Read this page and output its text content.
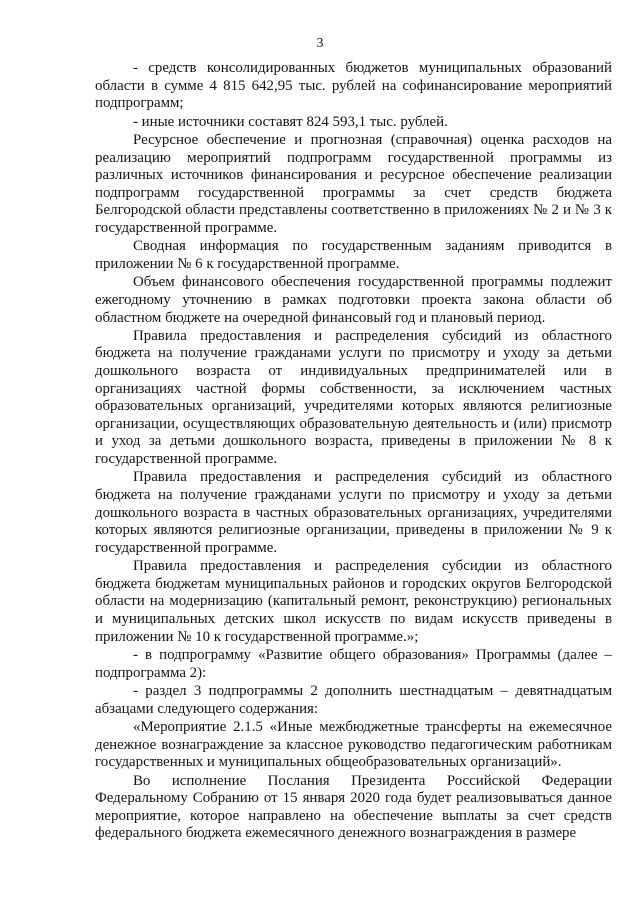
3

- средств консолидированных бюджетов муниципальных образований области в сумме 4 815 642,95 тыс. рублей на софинансирование мероприятий подпрограмм;

- иные источники составят 824 593,1 тыс. рублей.

Ресурсное обеспечение и прогнозная (справочная) оценка расходов на реализацию мероприятий подпрограмм государственной программы из различных источников финансирования и ресурсное обеспечение реализации подпрограмм государственной программы за счет средств бюджета Белгородской области представлены соответственно в приложениях № 2 и № 3 к государственной программе.

Сводная информация по государственным заданиям приводится в приложении № 6 к государственной программе.

Объем финансового обеспечения государственной программы подлежит ежегодному уточнению в рамках подготовки проекта закона области об областном бюджете на очередной финансовый год и плановый период.

Правила предоставления и распределения субсидий из областного бюджета на получение гражданами услуги по присмотру и уходу за детьми дошкольного возраста от индивидуальных предпринимателей или в организациях частной формы собственности, за исключением частных образовательных организаций, учредителями которых являются религиозные организации, осуществляющих образовательную деятельность и (или) присмотр и уход за детьми дошкольного возраста, приведены в приложении № 8 к государственной программе.

Правила предоставления и распределения субсидий из областного бюджета на получение гражданами услуги по присмотру и уходу за детьми дошкольного возраста в частных образовательных организациях, учредителями которых являются религиозные организации, приведены в приложении № 9 к государственной программе.

Правила предоставления и распределения субсидии из областного бюджета бюджетам муниципальных районов и городских округов Белгородской области на модернизацию (капитальный ремонт, реконструкцию) региональных и муниципальных детских школ искусств по видам искусств приведены в приложении № 10 к государственной программе.»;

- в подпрограмму «Развитие общего образования» Программы (далее – подпрограмма 2):

- раздел 3 подпрограммы 2 дополнить шестнадцатым – девятнадцатым абзацами следующего содержания:

«Мероприятие 2.1.5 «Иные межбюджетные трансферты на ежемесячное денежное вознаграждение за классное руководство педагогическим работникам государственных и муниципальных общеобразовательных организаций».

Во исполнение Послания Президента Российской Федерации Федеральному Собранию от 15 января 2020 года будет реализовываться данное мероприятие, которое направлено на обеспечение выплаты за счет средств федерального бюджета ежемесячного денежного вознаграждения в размере
